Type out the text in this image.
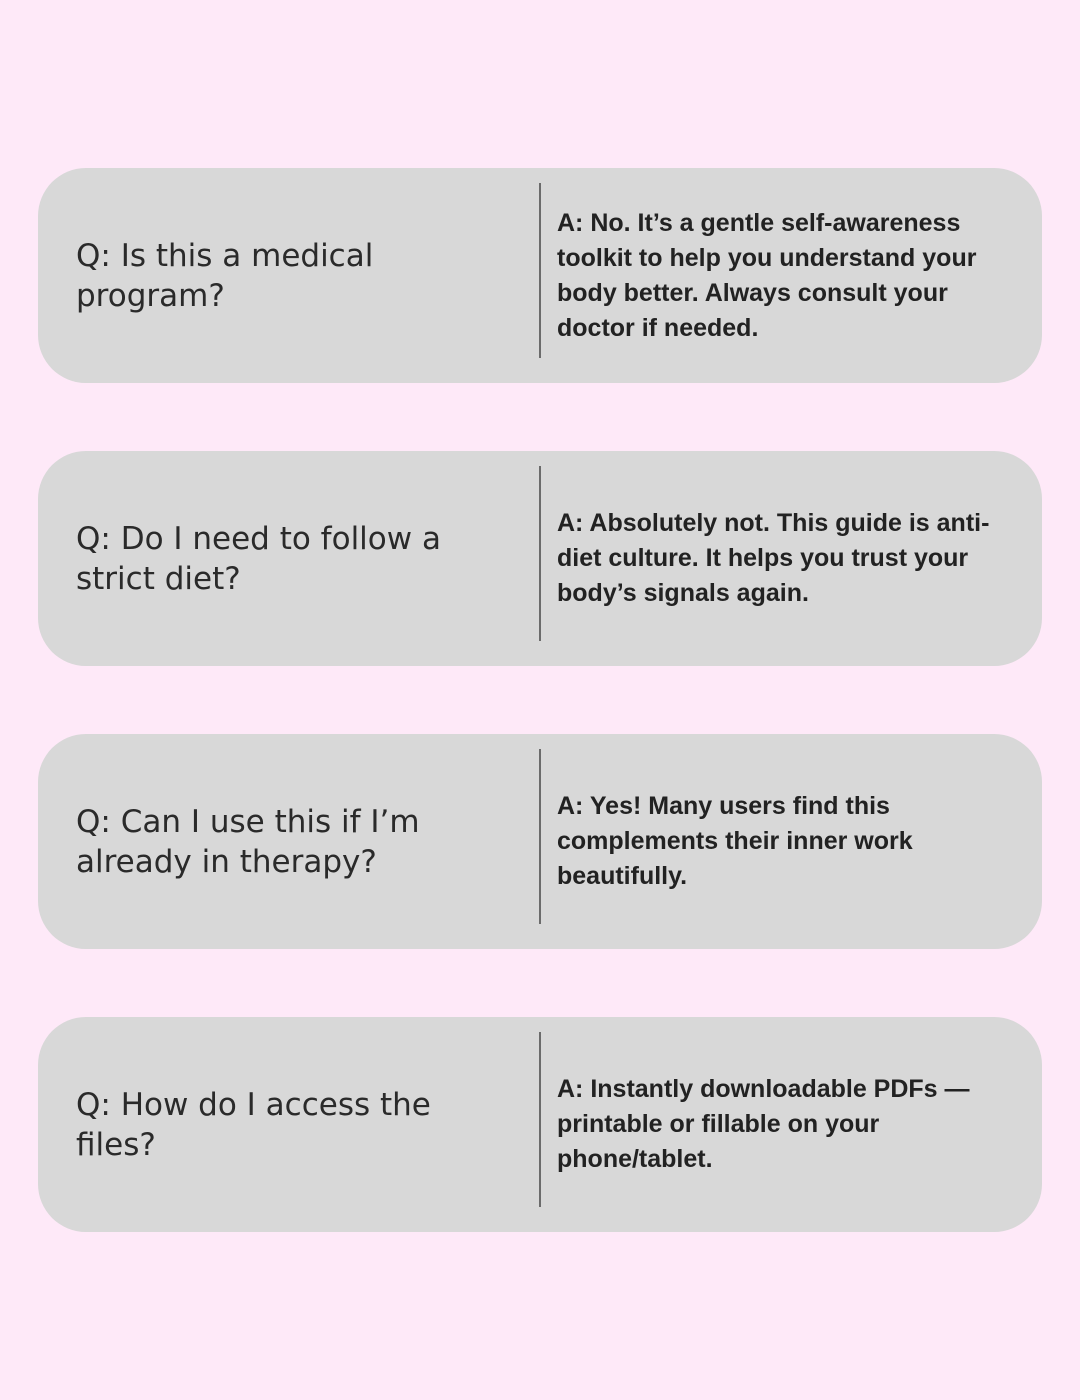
Q: Is this a medical program?
A: No. It’s a gentle self-awareness toolkit to help you understand your body better. Always consult your doctor if needed.
Q: Do I need to follow a strict diet?
A: Absolutely not. This guide is anti-diet culture. It helps you trust your body’s signals again.
Q: Can I use this if I’m already in therapy?
A: Yes! Many users find this complements their inner work beautifully.
Q: How do I access the files?
A: Instantly downloadable PDFs — printable or fillable on your phone/tablet.
